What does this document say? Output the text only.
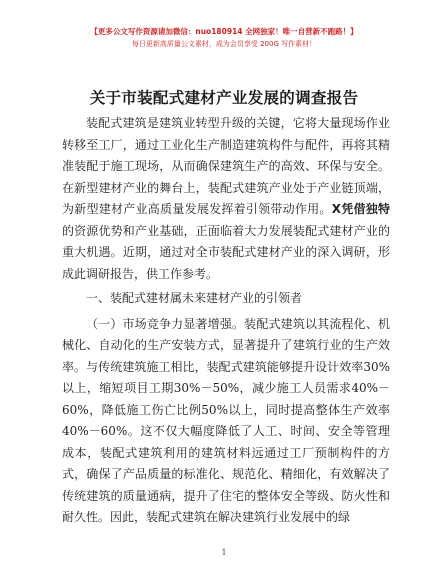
【更多公文写作资源请加微信：nuo180914 全网独家！唯一自营新不跑路！】
每日更新高质量公文素材，成为会员享受 200G 写作素材！
关于市装配式建材产业发展的调查报告

装配式建筑是建筑业转型升级的关键，它将大量现场作业转移至工厂，通过工业化生产制造建筑构件与配件，再将其精准装配于施工现场，从而确保建筑生产的高效、环保与安全。在新型建材产业的舞台上，装配式建筑产业处于产业链顶端，为新型建材产业高质量发展发挥着引领带动作用。X凭借独特的资源优势和产业基础，正面临着大力发展装配式建材产业的重大机遇。近期，通过对全市装配式建材产业的深入调研，形成此调研报告，供工作参考。

一、装配式建材属未来建材产业的引领者

（一）市场竞争力显著增强。装配式建筑以其流程化、机械化、自动化的生产安装方式，显著提升了建筑行业的生产效率。与传统建筑施工相比，装配式建筑能够提升设计效率30%以上，缩短项目工期30%－50%，减少施工人员需求40%－60%，降低施工伤亡比例50%以上，同时提高整体生产效率40%－60%。这不仅大幅度降低了人工、时间、安全等管理成本，装配式建筑利用的建筑材料远通过工厂预制构件的方式，确保了产品质量的标准化、规范化、精细化，有效解决了传统建筑的质量通病，提升了住宅的整体安全等级、防火性和耐久性。因此，装配式建筑在解决建筑行业发展中的绿

1
